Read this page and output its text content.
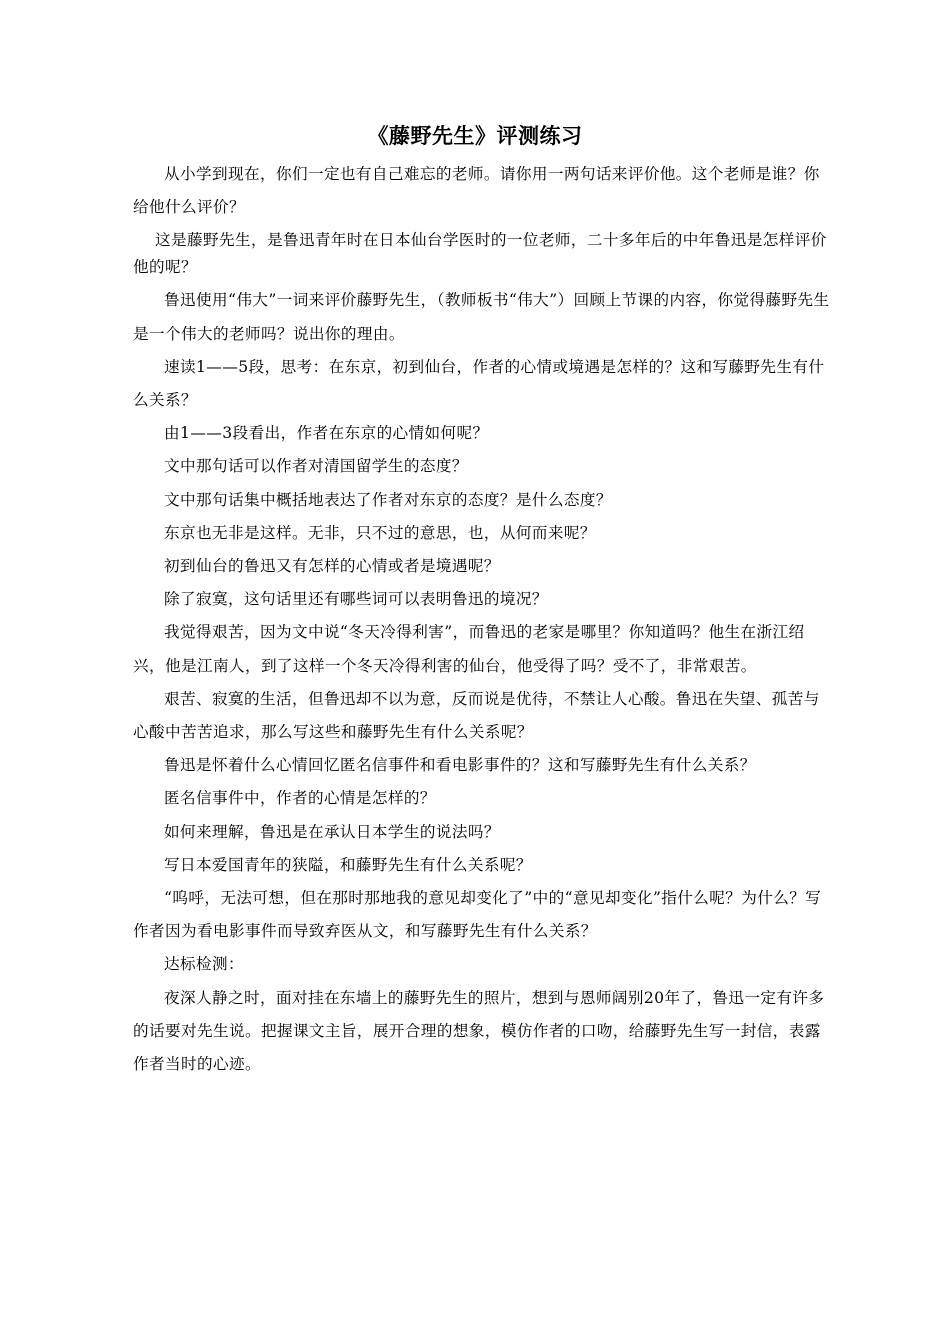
《藤野先生》评测练习

从小学到现在，你们一定也有自己难忘的老师。请你用一两句话来评价他。这个老师是谁？你给他什么评价？

这是藤野先生，是鲁迅青年时在日本仙台学医时的一位老师，二十多年后的中年鲁迅是怎样评价他的呢？

鲁迅使用“伟大”一词来评价藤野先生，（教师板书“伟大”）回顾上节课的内容，你觉得藤野先生是一个伟大的老师吗？说出你的理由。

速读1——5段，思考：在东京，初到仙台，作者的心情或境遇是怎样的？这和写藤野先生有什么关系？

由1——3段看出，作者在东京的心情如何呢？

文中那句话可以作者对清国留学生的态度？

文中那句话集中概括地表达了作者对东京的态度？是什么态度？

东京也无非是这样。无非，只不过的意思，也，从何而来呢？

初到仙台的鲁迅又有怎样的心情或者是境遇呢？

除了寂寞，这句话里还有哪些词可以表明鲁迅的境况？

我觉得艰苦，因为文中说“冬天冷得利害”，而鲁迅的老家是哪里？你知道吗？他生在浙江绍兴，他是江南人，到了这样一个冬天冷得利害的仙台，他受得了吗？受不了，非常艰苦。

艰苦、寂寞的生活，但鲁迅却不以为意，反而说是优待，不禁让人心酸。鲁迅在失望、孤苦与心酸中苦苦追求，那么写这些和藤野先生有什么关系呢？

鲁迅是怀着什么心情回忆匿名信事件和看电影事件的？这和写藤野先生有什么关系？

匿名信事件中，作者的心情是怎样的？

如何来理解，鲁迅是在承认日本学生的说法吗？

写日本爱国青年的狭隘，和藤野先生有什么关系呢？

“呜呼，无法可想，但在那时那地我的意见却变化了”中的“意见却变化”指什么呢？为什么？写作者因为看电影事件而导致弃医从文，和写藤野先生有什么关系？

达标检测：

夜深人静之时，面对挂在东墙上的藤野先生的照片，想到与恩师阔别20年了，鲁迅一定有许多的话要对先生说。把握课文主旨，展开合理的想象，模仿作者的口吻，给藤野先生写一封信，表露作者当时的心迹。
